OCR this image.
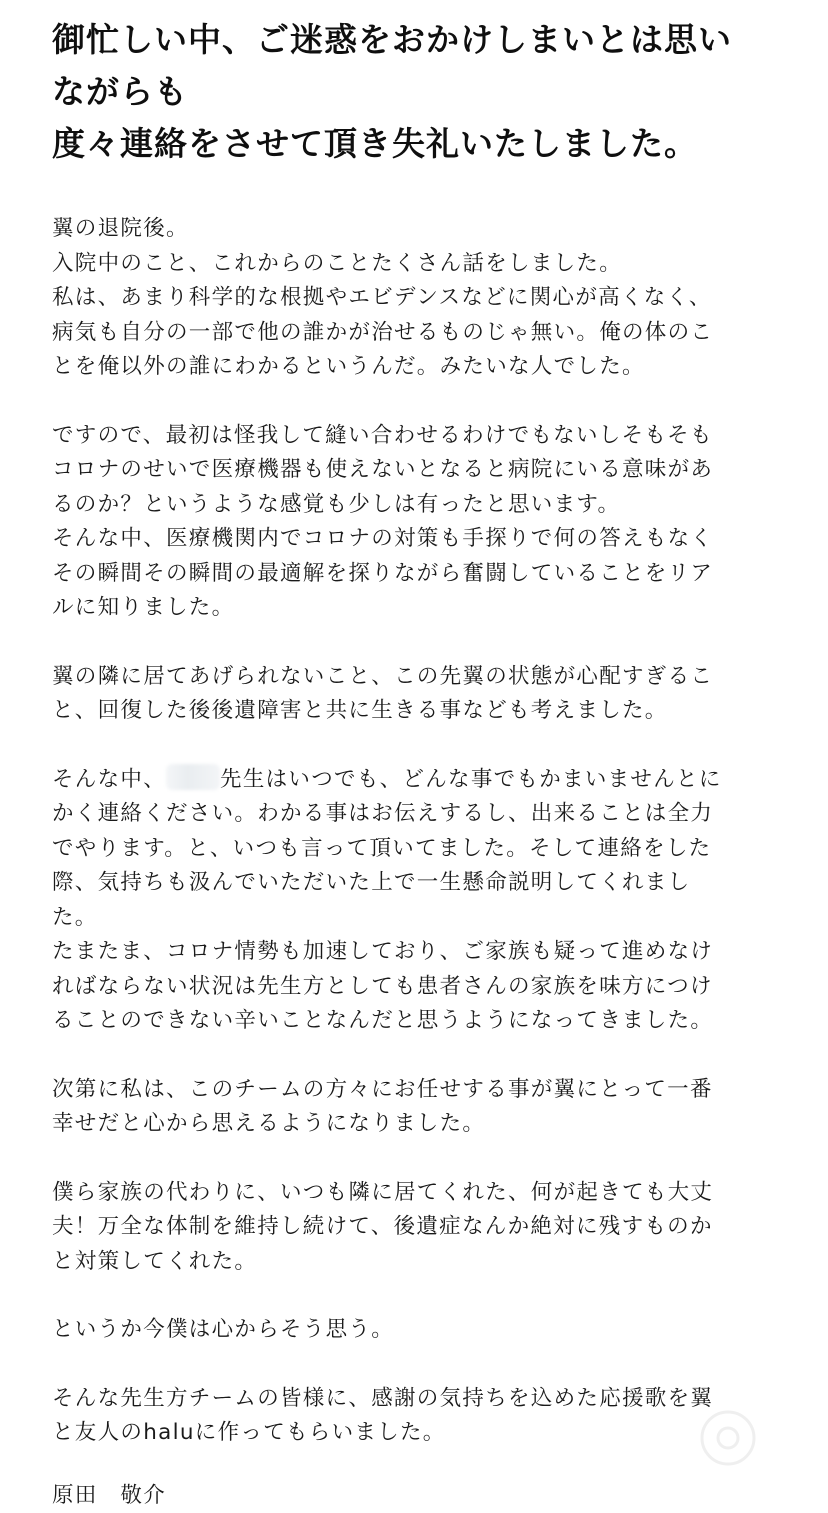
御忙しい中、ご迷惑をおかけしまいとは思い
ながらも
度々連絡をさせて頂き失礼いたしました。
翼の退院後。
入院中のこと、これからのことたくさん話をしました。
私は、あまり科学的な根拠やエビデンスなどに関心が高くなく、
病気も自分の一部で他の誰かが治せるものじゃ無い。俺の体のこ
とを俺以外の誰にわかるというんだ。みたいな人でした。
ですので、最初は怪我して縫い合わせるわけでもないしそもそも
コロナのせいで医療機器も使えないとなると病院にいる意味があ
るのか？というような感覚も少しは有ったと思います。
そんな中、医療機関内でコロナの対策も手探りで何の答えもなく
その瞬間その瞬間の最適解を探りながら奮闘していることをリア
ルに知りました。
翼の隣に居てあげられないこと、この先翼の状態が心配すぎるこ
と、回復した後後遺障害と共に生きる事なども考えました。
そんな中、	先生はいつでも、どんな事でもかまいませんとに
かく連絡ください。わかる事はお伝えするし、出来ることは全力
でやります。と、いつも言って頂いてました。そして連絡をした
際、気持ちも汲んでいただいた上で一生懸命説明してくれまし
た。
たまたま、コロナ情勢も加速しており、ご家族も疑って進めなけ
ればならない状況は先生方としても患者さんの家族を味方につけ
ることのできない辛いことなんだと思うようになってきました。
次第に私は、このチームの方々にお任せする事が翼にとって一番
幸せだと心から思えるようになりました。
僕ら家族の代わりに、いつも隣に居てくれた、何が起きても大丈
夫！万全な体制を維持し続けて、後遺症なんか絶対に残すものか
と対策してくれた。
というか今僕は心からそう思う。
そんな先生方チームの皆様に、感謝の気持ちを込めた応援歌を翼
と友人のhaluに作ってもらいました。
原田　敬介
